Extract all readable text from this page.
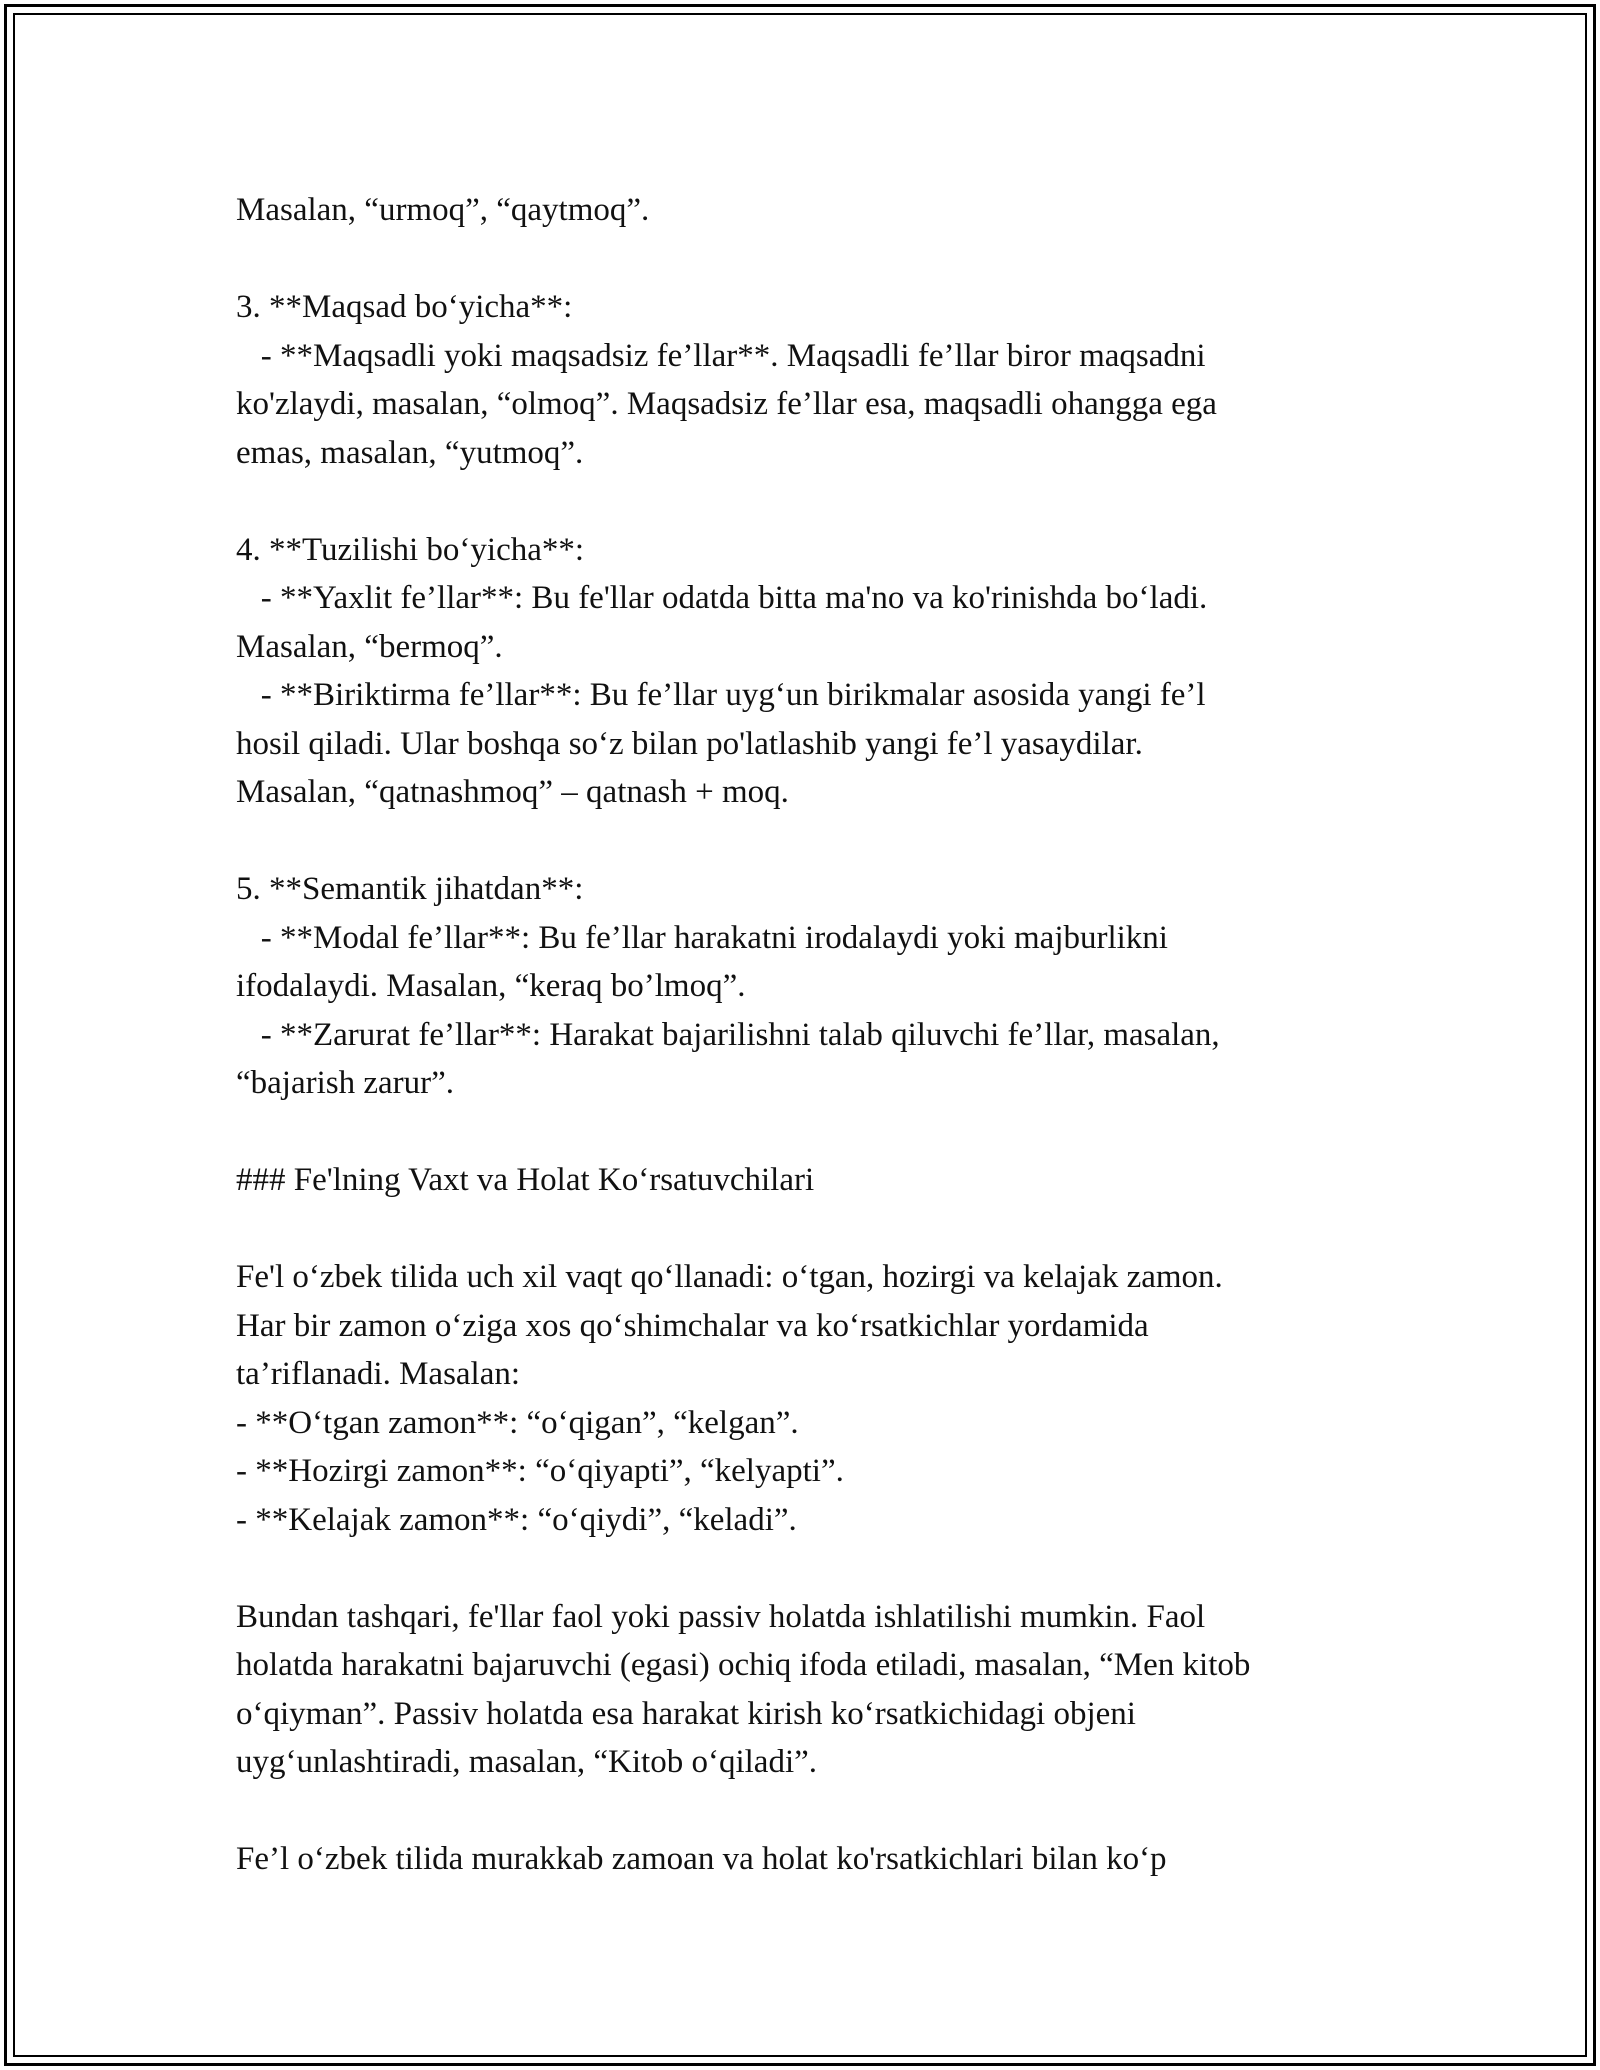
Masalan, “urmoq”, “qaytmoq”.
3. **Maqsad bo‘yicha**:
- **Maqsadli yoki maqsadsiz fe’llar**. Maqsadli fe’llar biror maqsadni
ko'zlaydi, masalan, “olmoq”. Maqsadsiz fe’llar esa, maqsadli ohangga ega
emas, masalan, “yutmoq”.
4. **Tuzilishi bo‘yicha**:
- **Yaxlit fe’llar**: Bu fe'llar odatda bitta ma'no va ko'rinishda bo‘ladi.
Masalan, “bermoq”.
- **Biriktirma fe’llar**: Bu fe’llar uyg‘un birikmalar asosida yangi fe’l
hosil qiladi. Ular boshqa so‘z bilan po'latlashib yangi fe’l yasaydilar.
Masalan, “qatnashmoq” – qatnash + moq.
5. **Semantik jihatdan**:
- **Modal fe’llar**: Bu fe’llar harakatni irodalaydi yoki majburlikni
ifodalaydi. Masalan, “keraq bo’lmoq”.
- **Zarurat fe’llar**: Harakat bajarilishni talab qiluvchi fe’llar, masalan,
“bajarish zarur”.
### Fe'lning Vaxt va Holat Ko‘rsatuvchilari
Fe'l o‘zbek tilida uch xil vaqt qo‘llanadi: o‘tgan, hozirgi va kelajak zamon.
Har bir zamon o‘ziga xos qo‘shimchalar va ko‘rsatkichlar yordamida
ta’riflanadi. Masalan:
- **O‘tgan zamon**: “o‘qigan”, “kelgan”.
- **Hozirgi zamon**: “o‘qiyapti”, “kelyapti”.
- **Kelajak zamon**: “o‘qiydi”, “keladi”.
Bundan tashqari, fe'llar faol yoki passiv holatda ishlatilishi mumkin. Faol
holatda harakatni bajaruvchi (egasi) ochiq ifoda etiladi, masalan, “Men kitob
o‘qiyman”. Passiv holatda esa harakat kirish ko‘rsatkichidagi objeni
uyg‘unlashtiradi, masalan, “Kitob o‘qiladi”.
Fe’l o‘zbek tilida murakkab zamoan va holat ko'rsatkichlari bilan ko‘p
